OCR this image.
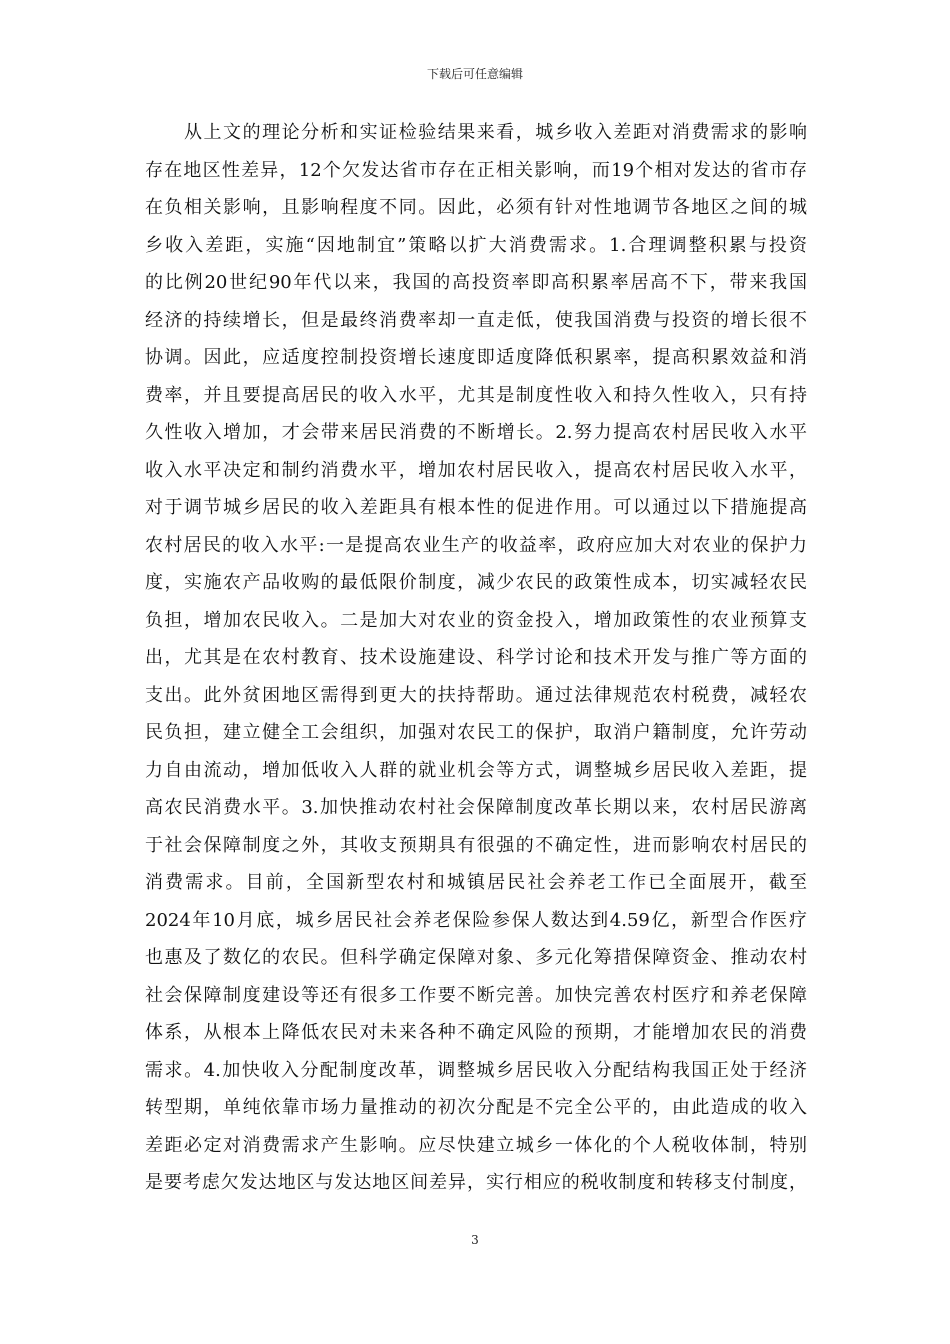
下载后可任意编辑
　　从上文的理论分析和实证检验结果来看，城乡收入差距对消费需求的影响
存在地区性差异，12个欠发达省市存在正相关影响，而19个相对发达的省市存
在负相关影响，且影响程度不同。因此，必须有针对性地调节各地区之间的城
乡收入差距，实施“因地制宜”策略以扩大消费需求。1.合理调整积累与投资
的比例20世纪90年代以来，我国的高投资率即高积累率居高不下，带来我国
经济的持续增长，但是最终消费率却一直走低，使我国消费与投资的增长很不
协调。因此，应适度控制投资增长速度即适度降低积累率，提高积累效益和消
费率，并且要提高居民的收入水平，尤其是制度性收入和持久性收入，只有持
久性收入增加，才会带来居民消费的不断增长。2.努力提高农村居民收入水平
收入水平决定和制约消费水平，增加农村居民收入，提高农村居民收入水平，
对于调节城乡居民的收入差距具有根本性的促进作用。可以通过以下措施提高
农村居民的收入水平:一是提高农业生产的收益率，政府应加大对农业的保护力
度，实施农产品收购的最低限价制度，减少农民的政策性成本，切实减轻农民
负担，增加农民收入。二是加大对农业的资金投入，增加政策性的农业预算支
出，尤其是在农村教育、技术设施建设、科学讨论和技术开发与推广等方面的
支出。此外贫困地区需得到更大的扶持帮助。通过法律规范农村税费，减轻农
民负担，建立健全工会组织，加强对农民工的保护，取消户籍制度，允许劳动
力自由流动，增加低收入人群的就业机会等方式，调整城乡居民收入差距，提
高农民消费水平。3.加快推动农村社会保障制度改革长期以来，农村居民游离
于社会保障制度之外，其收支预期具有很强的不确定性，进而影响农村居民的
消费需求。目前，全国新型农村和城镇居民社会养老工作已全面展开，截至
2024年10月底，城乡居民社会养老保险参保人数达到4.59亿，新型合作医疗
也惠及了数亿的农民。但科学确定保障对象、多元化筹措保障资金、推动农村
社会保障制度建设等还有很多工作要不断完善。加快完善农村医疗和养老保障
体系，从根本上降低农民对未来各种不确定风险的预期，才能增加农民的消费
需求。4.加快收入分配制度改革，调整城乡居民收入分配结构我国正处于经济
转型期，单纯依靠市场力量推动的初次分配是不完全公平的，由此造成的收入
差距必定对消费需求产生影响。应尽快建立城乡一体化的个人税收体制，特别
是要考虑欠发达地区与发达地区间差异，实行相应的税收制度和转移支付制度，
3
